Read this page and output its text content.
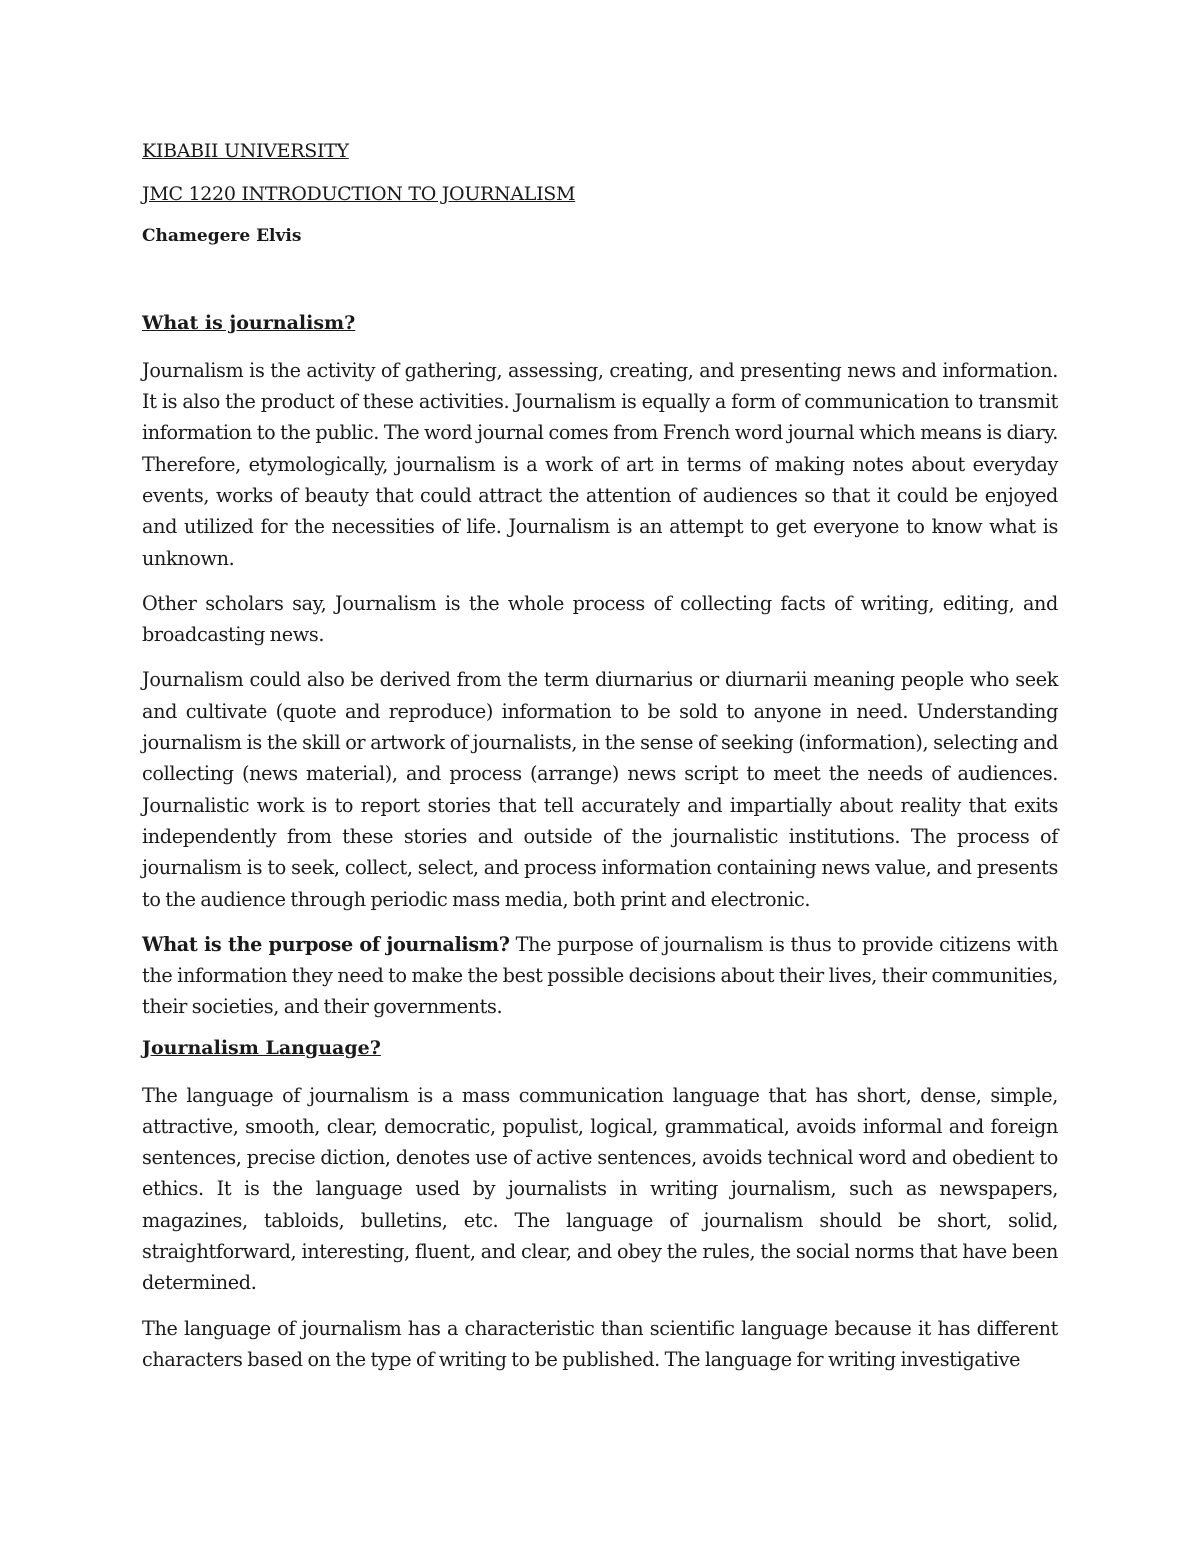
KIBABII UNIVERSITY

JMC 1220 INTRODUCTION TO JOURNALISM

Chamegere Elvis

What is journalism?

Journalism is the activity of gathering, assessing, creating, and presenting news and information. It is also the product of these activities. Journalism is equally a form of communication to transmit information to the public. The word journal comes from French word journal which means is diary. Therefore, etymologically, journalism is a work of art in terms of making notes about everyday events, works of beauty that could attract the attention of audiences so that it could be enjoyed and utilized for the necessities of life. Journalism is an attempt to get everyone to know what is unknown.

Other scholars say, Journalism is the whole process of collecting facts of writing, editing, and broadcasting news.

Journalism could also be derived from the term diurnarius or diurnarii meaning people who seek and cultivate (quote and reproduce) information to be sold to anyone in need. Understanding journalism is the skill or artwork of journalists, in the sense of seeking (information), selecting and collecting (news material), and process (arrange) news script to meet the needs of audiences. Journalistic work is to report stories that tell accurately and impartially about reality that exits independently from these stories and outside of the journalistic institutions. The process of journalism is to seek, collect, select, and process information containing news value, and presents to the audience through periodic mass media, both print and electronic.

What is the purpose of journalism? The purpose of journalism is thus to provide citizens with the information they need to make the best possible decisions about their lives, their communities, their societies, and their governments.

Journalism Language?

The language of journalism is a mass communication language that has short, dense, simple, attractive, smooth, clear, democratic, populist, logical, grammatical, avoids informal and foreign sentences, precise diction, denotes use of active sentences, avoids technical word and obedient to ethics. It is the language used by journalists in writing journalism, such as newspapers, magazines, tabloids, bulletins, etc. The language of journalism should be short, solid, straightforward, interesting, fluent, and clear, and obey the rules, the social norms that have been determined.

The language of journalism has a characteristic than scientific language because it has different characters based on the type of writing to be published. The language for writing investigative
